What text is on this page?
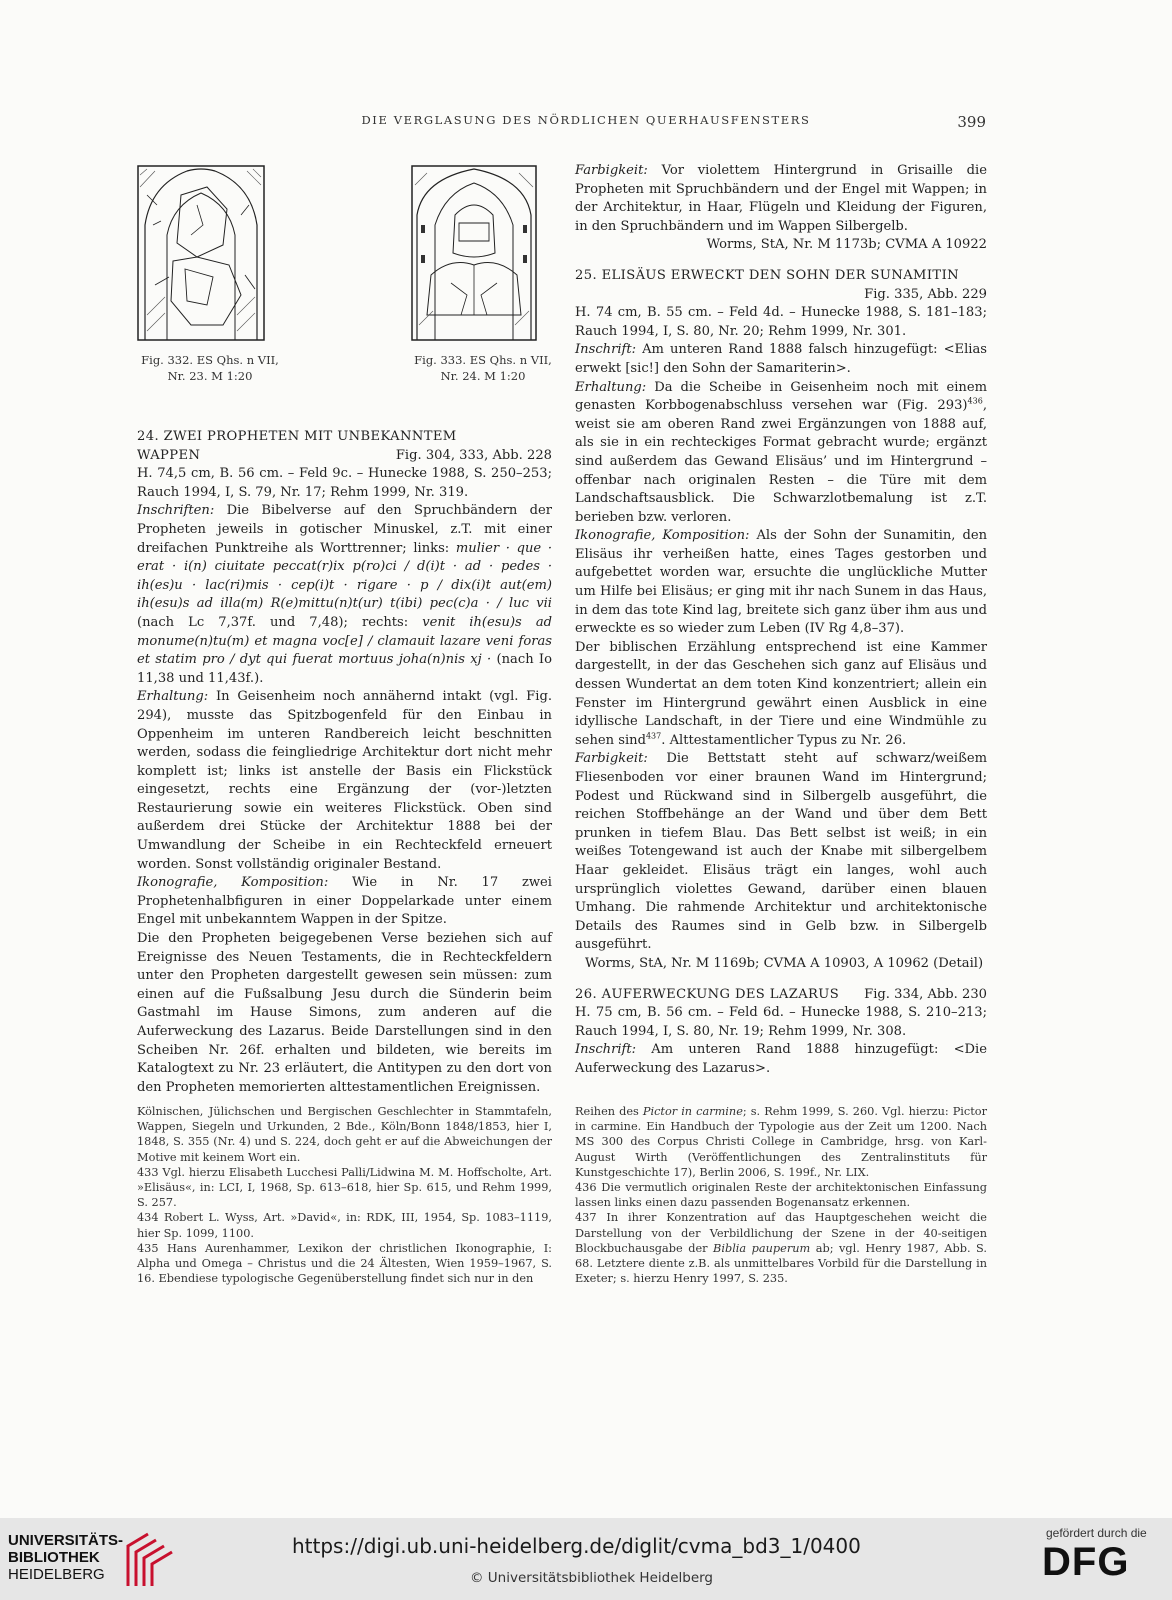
DIE VERGLASUNG DES NÖRDLICHEN QUERHAUSFENSTERS	399
Fig. 332. ES Qhs. n VII,
Nr. 23. M 1:20
Fig. 333. ES Qhs. n VII,
Nr. 24. M 1:20

24. ZWEI PROPHETEN MIT UNBEKANNTEM

WAPPEN	Fig. 304, 333, Abb. 228

H. 74,5 cm, B. 56 cm. – Feld 9c. – Hunecke 1988, S. 250–253; Rauch 1994, I, S. 79, Nr. 17; Rehm 1999, Nr. 319.

Inschriften: Die Bibelverse auf den Spruchbändern der Propheten jeweils in gotischer Minuskel, z.T. mit einer dreifachen Punktreihe als Worttrenner; links: mulier · que · erat · i(n) ciuitate peccat(r)ix p(ro)ci / d(i)t · ad · pedes · ih(es)u · lac(ri)mis · cep(i)t · rigare · p / dix(i)t aut(em) ih(esu)s ad illa(m) R(e)mittu(n)t(ur) t(ibi) pec(c)a · / luc vii (nach Lc 7,37f. und 7,48); rechts: venit ih(esu)s ad monume(n)tu(m) et magna voc[e] / clamauit lazare veni foras et statim pro / dyt qui fuerat mortuus joha(n)nis xj · (nach Io 11,38 und 11,43f.).

Erhaltung: In Geisenheim noch annähernd intakt (vgl. Fig. 294), musste das Spitzbogenfeld für den Einbau in Oppenheim im unteren Randbereich leicht beschnitten werden, sodass die feingliedrige Architektur dort nicht mehr komplett ist; links ist anstelle der Basis ein Flickstück eingesetzt, rechts eine Ergänzung der (vor-)letzten Restaurierung sowie ein weiteres Flickstück. Oben sind außerdem drei Stücke der Architektur 1888 bei der Umwandlung der Scheibe in ein Rechteckfeld erneuert worden. Sonst vollständig originaler Bestand.

Ikonografie, Komposition: Wie in Nr. 17 zwei Prophetenhalbfiguren in einer Doppelarkade unter einem Engel mit unbekanntem Wappen in der Spitze.

Die den Propheten beigegebenen Verse beziehen sich auf Ereignisse des Neuen Testaments, die in Rechteckfeldern unter den Propheten dargestellt gewesen sein müssen: zum einen auf die Fußsalbung Jesu durch die Sünderin beim Gastmahl im Hause Simons, zum anderen auf die Auferweckung des Lazarus. Beide Darstellungen sind in den Scheiben Nr. 26f. erhalten und bildeten, wie bereits im Katalogtext zu Nr. 23 erläutert, die Antitypen zu den dort von den Propheten memorierten alttestamentlichen Ereignissen.

Farbigkeit: Vor violettem Hintergrund in Grisaille die Propheten mit Spruchbändern und der Engel mit Wappen; in der Architektur, in Haar, Flügeln und Kleidung der Figuren, in den Spruchbändern und im Wappen Silbergelb.

Worms, StA, Nr. M 1173b; CVMA A 10922

25. ELISÄUS ERWECKT DEN SOHN DER SUNAMITIN

Fig. 335, Abb. 229

H. 74 cm, B. 55 cm. – Feld 4d. – Hunecke 1988, S. 181–183; Rauch 1994, I, S. 80, Nr. 20; Rehm 1999, Nr. 301.

Inschrift: Am unteren Rand 1888 falsch hinzugefügt: <Elias erwekt [sic!] den Sohn der Samariterin>.

Erhaltung: Da die Scheibe in Geisenheim noch mit einem genasten Korbbogenabschluss versehen war (Fig. 293)$^{436}$, weist sie am oberen Rand zwei Ergänzungen von 1888 auf, als sie in ein rechteckiges Format gebracht wurde; ergänzt sind außerdem das Gewand Elisäus’ und im Hintergrund – offenbar nach originalen Resten – die Türe mit dem Landschaftsausblick. Die Schwarzlotbemalung ist z.T. berieben bzw. verloren.

Ikonografie, Komposition: Als der Sohn der Sunamitin, den Elisäus ihr verheißen hatte, eines Tages gestorben und aufgebettet worden war, ersuchte die unglückliche Mutter um Hilfe bei Elisäus; er ging mit ihr nach Sunem in das Haus, in dem das tote Kind lag, breitete sich ganz über ihm aus und erweckte es so wieder zum Leben (IV Rg 4,8–37).

Der biblischen Erzählung entsprechend ist eine Kammer dargestellt, in der das Geschehen sich ganz auf Elisäus und dessen Wundertat an dem toten Kind konzentriert; allein ein Fenster im Hintergrund gewährt einen Ausblick in eine idyllische Landschaft, in der Tiere und eine Windmühle zu sehen sind$^{437}$. Alttestamentlicher Typus zu Nr. 26.

Farbigkeit: Die Bettstatt steht auf schwarz/weißem Fliesenboden vor einer braunen Wand im Hintergrund; Podest und Rückwand sind in Silbergelb ausgeführt, die reichen Stoffbehänge an der Wand und über dem Bett prunken in tiefem Blau. Das Bett selbst ist weiß; in ein weißes Totengewand ist auch der Knabe mit silbergelbem Haar gekleidet. Elisäus trägt ein langes, wohl auch ursprünglich violettes Gewand, darüber einen blauen Umhang. Die rahmende Architektur und architektonische Details des Raumes sind in Gelb bzw. in Silbergelb ausgeführt.

Worms, StA, Nr. M 1169b; CVMA A 10903, A 10962 (Detail)

26. AUFERWECKUNG DES LAZARUS Fig. 334, Abb. 230

H. 75 cm, B. 56 cm. – Feld 6d. – Hunecke 1988, S. 210–213; Rauch 1994, I, S. 80, Nr. 19; Rehm 1999, Nr. 308.

Inschrift: Am unteren Rand 1888 hinzugefügt: <Die Auferweckung des Lazarus>.

Kölnischen, Jülichschen und Bergischen Geschlechter in Stammtafeln, Wappen, Siegeln und Urkunden, 2 Bde., Köln/Bonn 1848/1853, hier I, 1848, S. 355 (Nr. 4) und S. 224, doch geht er auf die Abweichungen der Motive mit keinem Wort ein.

433 Vgl. hierzu Elisabeth Lucchesi Palli/Lidwina M. M. Hoffscholte, Art. »Elisäus«, in: LCI, I, 1968, Sp. 613–618, hier Sp. 615, und Rehm 1999, S. 257.

434 Robert L. Wyss, Art. »David«, in: RDK, III, 1954, Sp. 1083–1119, hier Sp. 1099, 1100.

435 Hans Aurenhammer, Lexikon der christlichen Ikonographie, I: Alpha und Omega – Christus und die 24 Ältesten, Wien 1959–1967, S. 16. Ebendiese typologische Gegenüberstellung findet sich nur in den

Reihen des Pictor in carmine; s. Rehm 1999, S. 260. Vgl. hierzu: Pictor in carmine. Ein Handbuch der Typologie aus der Zeit um 1200. Nach MS 300 des Corpus Christi College in Cambridge, hrsg. von Karl-August Wirth (Veröffentlichungen des Zentralinstituts für Kunstgeschichte 17), Berlin 2006, S. 199f., Nr. LIX.

436 Die vermutlich originalen Reste der architektonischen Einfassung lassen links einen dazu passenden Bogenansatz erkennen.

437 In ihrer Konzentration auf das Hauptgeschehen weicht die Darstellung von der Verbildlichung der Szene in der 40-seitigen Blockbuchausgabe der Biblia pauperum ab; vgl. Henry 1987, Abb. S. 68. Letztere diente z.B. als unmittelbares Vorbild für die Darstellung in Exeter; s. hierzu Henry 1997, S. 235.

UNIVERSITÄTS-
BIBLIOTHEK
HEIDELBERG
https://digi.ub.uni-heidelberg.de/diglit/cvma_bd3_1/0400
© Universitätsbibliothek Heidelberg
gefördert durch die
DFG
